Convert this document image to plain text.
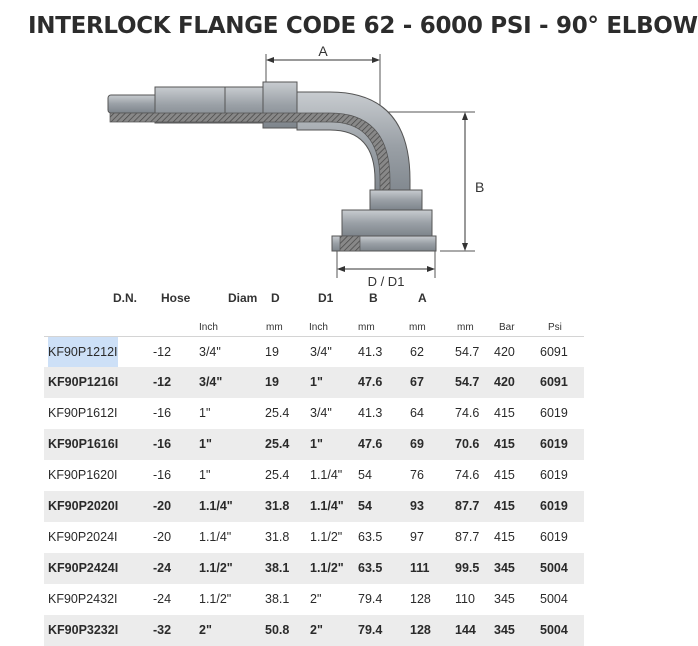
INTERLOCK FLANGE CODE 62 - 6000 PSI - 90° ELBOW
A
B
D / D1
D.N. Hose	Diam D	D1	B	A
Inch	mm	Inch	mm	mm	mm	Bar	Psi
KF90P1212I	-12 3/4"	19 3/4" 41.3 62 54.7 420 6091
KF90P1216I	-12 3/4"	19 1"	47.6 67 54.7 420 6091
KF90P1612I	-16 1"	25.4 3/4" 41.3 64 74.6 415 6019
KF90P1616I	-16 1"	25.4 1"	47.6 69 70.6 415 6019
KF90P1620I	-16 1"	25.4 1.1/4" 54	76 74.6 415 6019
KF90P2020I	-20 1.1/4"	31.8 1.1/4" 54	93 87.7 415 6019
KF90P2024I	-20 1.1/4"	31.8 1.1/2" 63.5 97 87.7 415 6019
KF90P2424I	-24 1.1/2"	38.1 1.1/2" 63.5 111 99.5 345 5004
KF90P2432I	-24 1.1/2"	38.1 2"	79.4 128 110 345 5004
KF90P3232I	-32 2"	50.8 2"	79.4 128 144 345 5004
